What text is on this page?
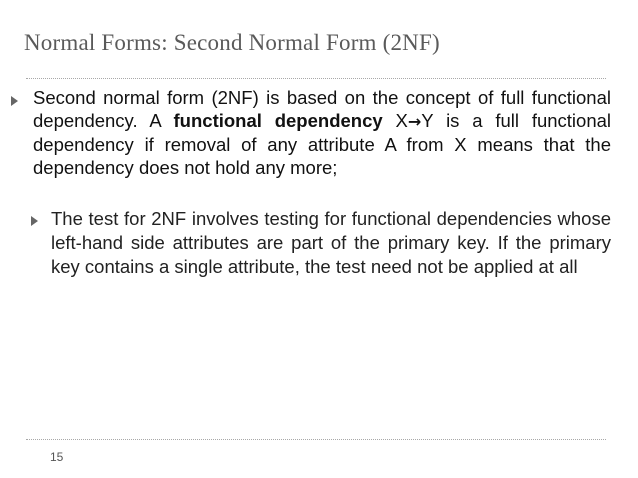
Normal Forms: Second Normal Form (2NF)
Second normal form (2NF) is based on the concept of full functional dependency. A functional dependency X→Y is a full functional dependency if removal of any attribute A from X means that the dependency does not hold any more;
The test for 2NF involves testing for functional dependencies whose left-hand side attributes are part of the primary key. If the primary key contains a single attribute, the test need not be applied at all
15
